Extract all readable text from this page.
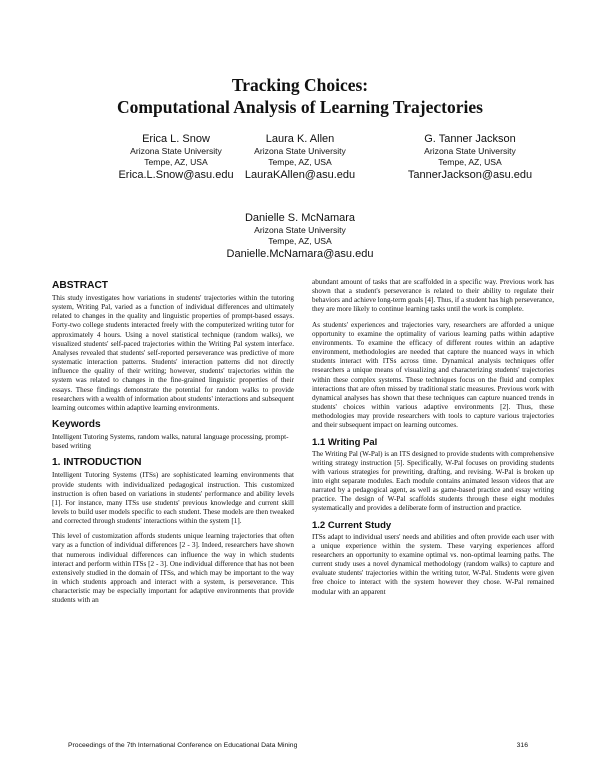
Tracking Choices:
Computational Analysis of Learning Trajectories
Erica L. Snow
Arizona State University
Tempe, AZ, USA
Erica.L.Snow@asu.edu
Laura K. Allen
Arizona State University
Tempe, AZ, USA
LauraKAllen@asu.edu
G. Tanner Jackson
Arizona State University
Tempe, AZ, USA
TannerJackson@asu.edu
Danielle S. McNamara
Arizona State University
Tempe, AZ, USA
Danielle.McNamara@asu.edu
ABSTRACT

This study investigates how variations in students' trajectories within the tutoring system, Writing Pal, varied as a function of individual differences and ultimately related to changes in the quality and linguistic properties of prompt-based essays. Forty-two college students interacted freely with the computerized writing tutor for approximately 4 hours. Using a novel statistical technique (random walks), we visualized students' self-paced trajectories within the Writing Pal system interface. Analyses revealed that students' self-reported perseverance was predictive of more systematic interaction patterns. Students' interaction patterns did not directly influence the quality of their writing; however, students' trajectories within the system was related to changes in the fine-grained linguistic properties of their essays. These findings demonstrate the potential for random walks to provide researchers with a wealth of information about students' interactions and subsequent learning outcomes within adaptive learning environments.

Keywords

Intelligent Tutoring Systems, random walks, natural language processing, prompt-based writing

1. INTRODUCTION

Intelligent Tutoring Systems (ITSs) are sophisticated learning environments that provide students with individualized pedagogical instruction. This customized instruction is often based on variations in students' performance and ability levels [1]. For instance, many ITSs use students' previous knowledge and current skill levels to build user models specific to each student. These models are then tweaked and corrected through students' interactions within the system [1].

This level of customization affords students unique learning trajectories that often vary as a function of individual differences [2 - 3]. Indeed, researchers have shown that numerous individual differences can influence the way in which students interact and perform within ITSs [2 - 3]. One individual difference that has not been extensively studied in the domain of ITSs, and which may be important to the way in which students approach and interact with a system, is perseverance. This characteristic may be especially important for adaptive environments that provide students with an

abundant amount of tasks that are scaffolded in a specific way. Previous work has shown that a student's perseverance is related to their ability to regulate their behaviors and achieve long-term goals [4]. Thus, if a student has high perseverance, they are more likely to continue learning tasks until the work is complete.

As students' experiences and trajectories vary, researchers are afforded a unique opportunity to examine the optimality of various learning paths within adaptive environments. To examine the efficacy of different routes within an adaptive environment, methodologies are needed that capture the nuanced ways in which students interact with ITSs across time. Dynamical analysis techniques offer researchers a unique means of visualizing and characterizing students' trajectories within these complex systems. These techniques focus on the fluid and complex interactions that are often missed by traditional static measures. Previous work with dynamical analyses has shown that these techniques can capture nuanced trends in students' choices within various adaptive environments [2]. Thus, these methodologies may provide researchers with tools to capture various trajectories and their subsequent impact on learning outcomes.

1.1 Writing Pal

The Writing Pal (W-Pal) is an ITS designed to provide students with comprehensive writing strategy instruction [5]. Specifically, W-Pal focuses on providing students with various strategies for prewriting, drafting, and revising. W-Pal is broken up into eight separate modules. Each module contains animated lesson videos that are narrated by a pedagogical agent, as well as game-based practice and essay writing practice. The design of W-Pal scaffolds students through these eight modules systematically and provides a deliberate form of instruction and practice.

1.2 Current Study

ITSs adapt to individual users' needs and abilities and often provide each user with a unique experience within the system. These varying experiences afford researchers an opportunity to examine optimal vs. non-optimal learning paths. The current study uses a novel dynamical methodology (random walks) to capture and evaluate students' trajectories within the writing tutor, W-Pal. Students were given free choice to interact with the system however they chose. W-Pal remained modular with an apparent

Proceedings of the 7th International Conference on Educational Data Mining	316
